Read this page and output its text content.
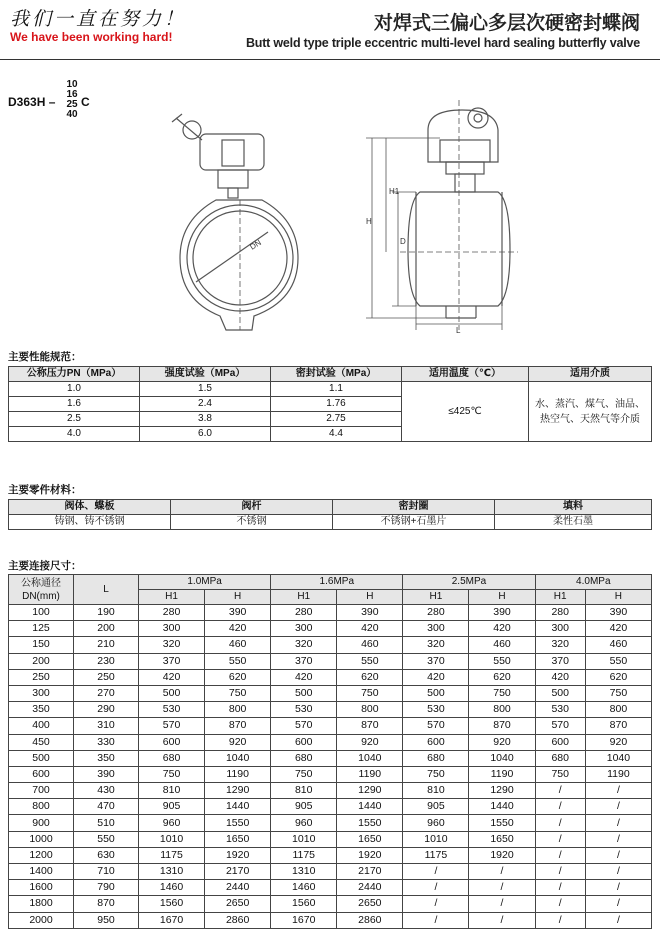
我们一直在努力！
We have been working hard!
对焊式三偏心多层次硬密封蝶阀
Butt weld type triple eccentric multi-level hard sealing butterfly valve
D363H –
10
16
25
40
C
DN
H1
H
D
L
主要性能规范：
公称压力PN（MPa）	强度试验（MPa）	密封试验（MPa）	适用温度（℃）	适用介质
1.0	1.5	1.1	≤425℃	水、蒸汽、煤气、油品、
热空气、天然气等介质

1.6	2.4	1.76		
2.5	3.8	2.75		
4.0	6.0	4.4		
主要零件材料：
阀体、蝶板	阀杆	密封圈	填料
铸钢、铸不锈钢	不锈钢	不锈钢+石墨片	柔性石墨
主要连接尺寸：
公称通径
DN(mm)	L	1.0MPa		1.6MPa		2.5MPa		4.0MPa	
		H1	H	H1	H	H1	H	H1	H
100	190	280	390	280	390	280	390	280	390
125	200	300	420	300	420	300	420	300	420
150	210	320	460	320	460	320	460	320	460
200	230	370	550	370	550	370	550	370	550
250	250	420	620	420	620	420	620	420	620
300	270	500	750	500	750	500	750	500	750
350	290	530	800	530	800	530	800	530	800
400	310	570	870	570	870	570	870	570	870
450	330	600	920	600	920	600	920	600	920
500	350	680	1040	680	1040	680	1040	680	1040
600	390	750	1190	750	1190	750	1190	750	1190
700	430	810	1290	810	1290	810	1290	/	/
800	470	905	1440	905	1440	905	1440	/	/
900	510	960	1550	960	1550	960	1550	/	/
1000	550	1010	1650	1010	1650	1010	1650	/	/
1200	630	1175	1920	1175	1920	1175	1920	/	/
1400	710	1310	2170	1310	2170	/	/	/	/
1600	790	1460	2440	1460	2440	/	/	/	/
1800	870	1560	2650	1560	2650	/	/	/	/
2000	950	1670	2860	1670	2860	/	/	/	/
